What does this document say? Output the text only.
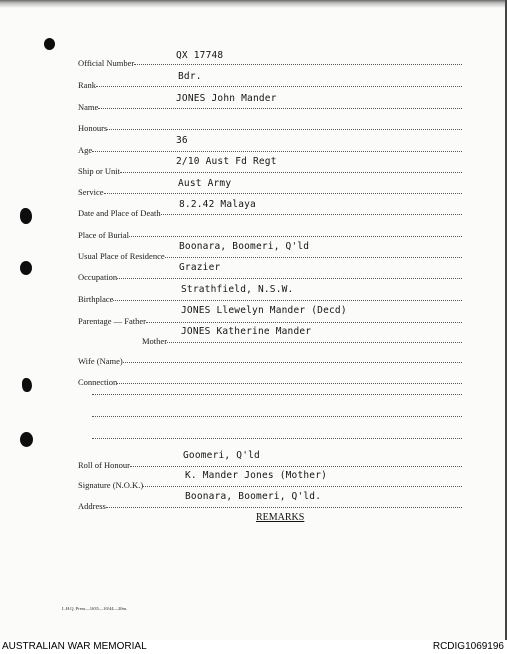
Official Number
QX 17748
Rank
Bdr.
Name
JONES John Mander
Honours
Age
36
Ship or Unit
2/10 Aust Fd Regt
Service
Aust Army
Date and Place of Death
8.2.42 Malaya
Place of Burial
Usual Place of Residence
Boonara, Boomeri, Q'ld
Occupation
Grazier
Birthplace
Strathfield, N.S.W.
Parentage — Father
JONES Llewelyn Mander (Decd)
Mother
JONES Katherine Mander
Wife (Name)
Connection
Roll of Honour
Goomeri, Q'ld
Signature (N.O.K.)
K. Mander Jones (Mother)
Address
Boonara, Boomeri, Q'ld.
REMARKS
L.H.Q. Press—1635—10/44—20m.
AUSTRALIAN WAR MEMORIAL	RCDIG1069196
